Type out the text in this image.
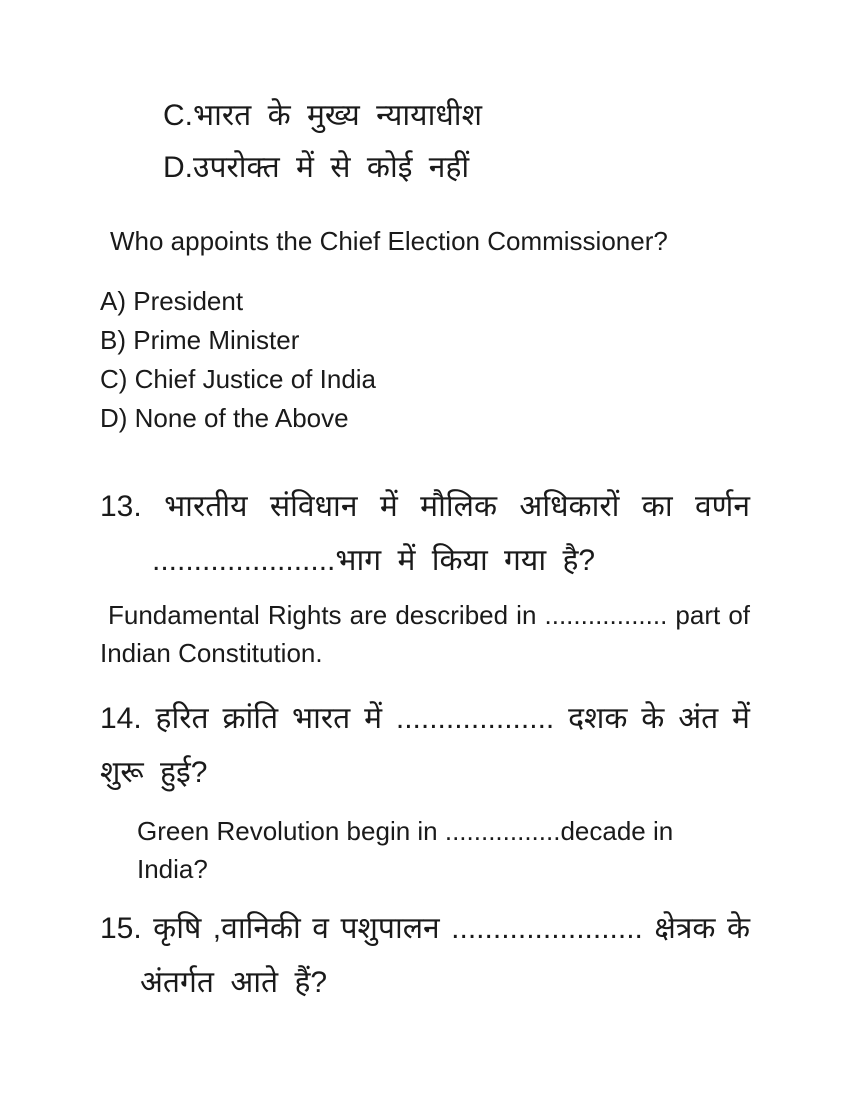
C.भारत के मुख्य न्यायाधीश
D.उपरोक्त में से कोई नहीं
Who appoints the Chief Election Commissioner?
A) President
B) Prime Minister
C) Chief Justice of India
D) None of the Above
13. भारतीय संविधान में मौलिक अधिकारों का वर्णन
......................भाग में किया गया है?
Fundamental Rights are described in ................. part of
Indian Constitution.
14. हरित क्रांति भारत में ................... दशक के अंत में
शुरू हुई?
Green Revolution begin in ................decade in  India?
15. कृषि ,वानिकी व पशुपालन ....................... क्षेत्रक के
अंतर्गत आते हैं?
